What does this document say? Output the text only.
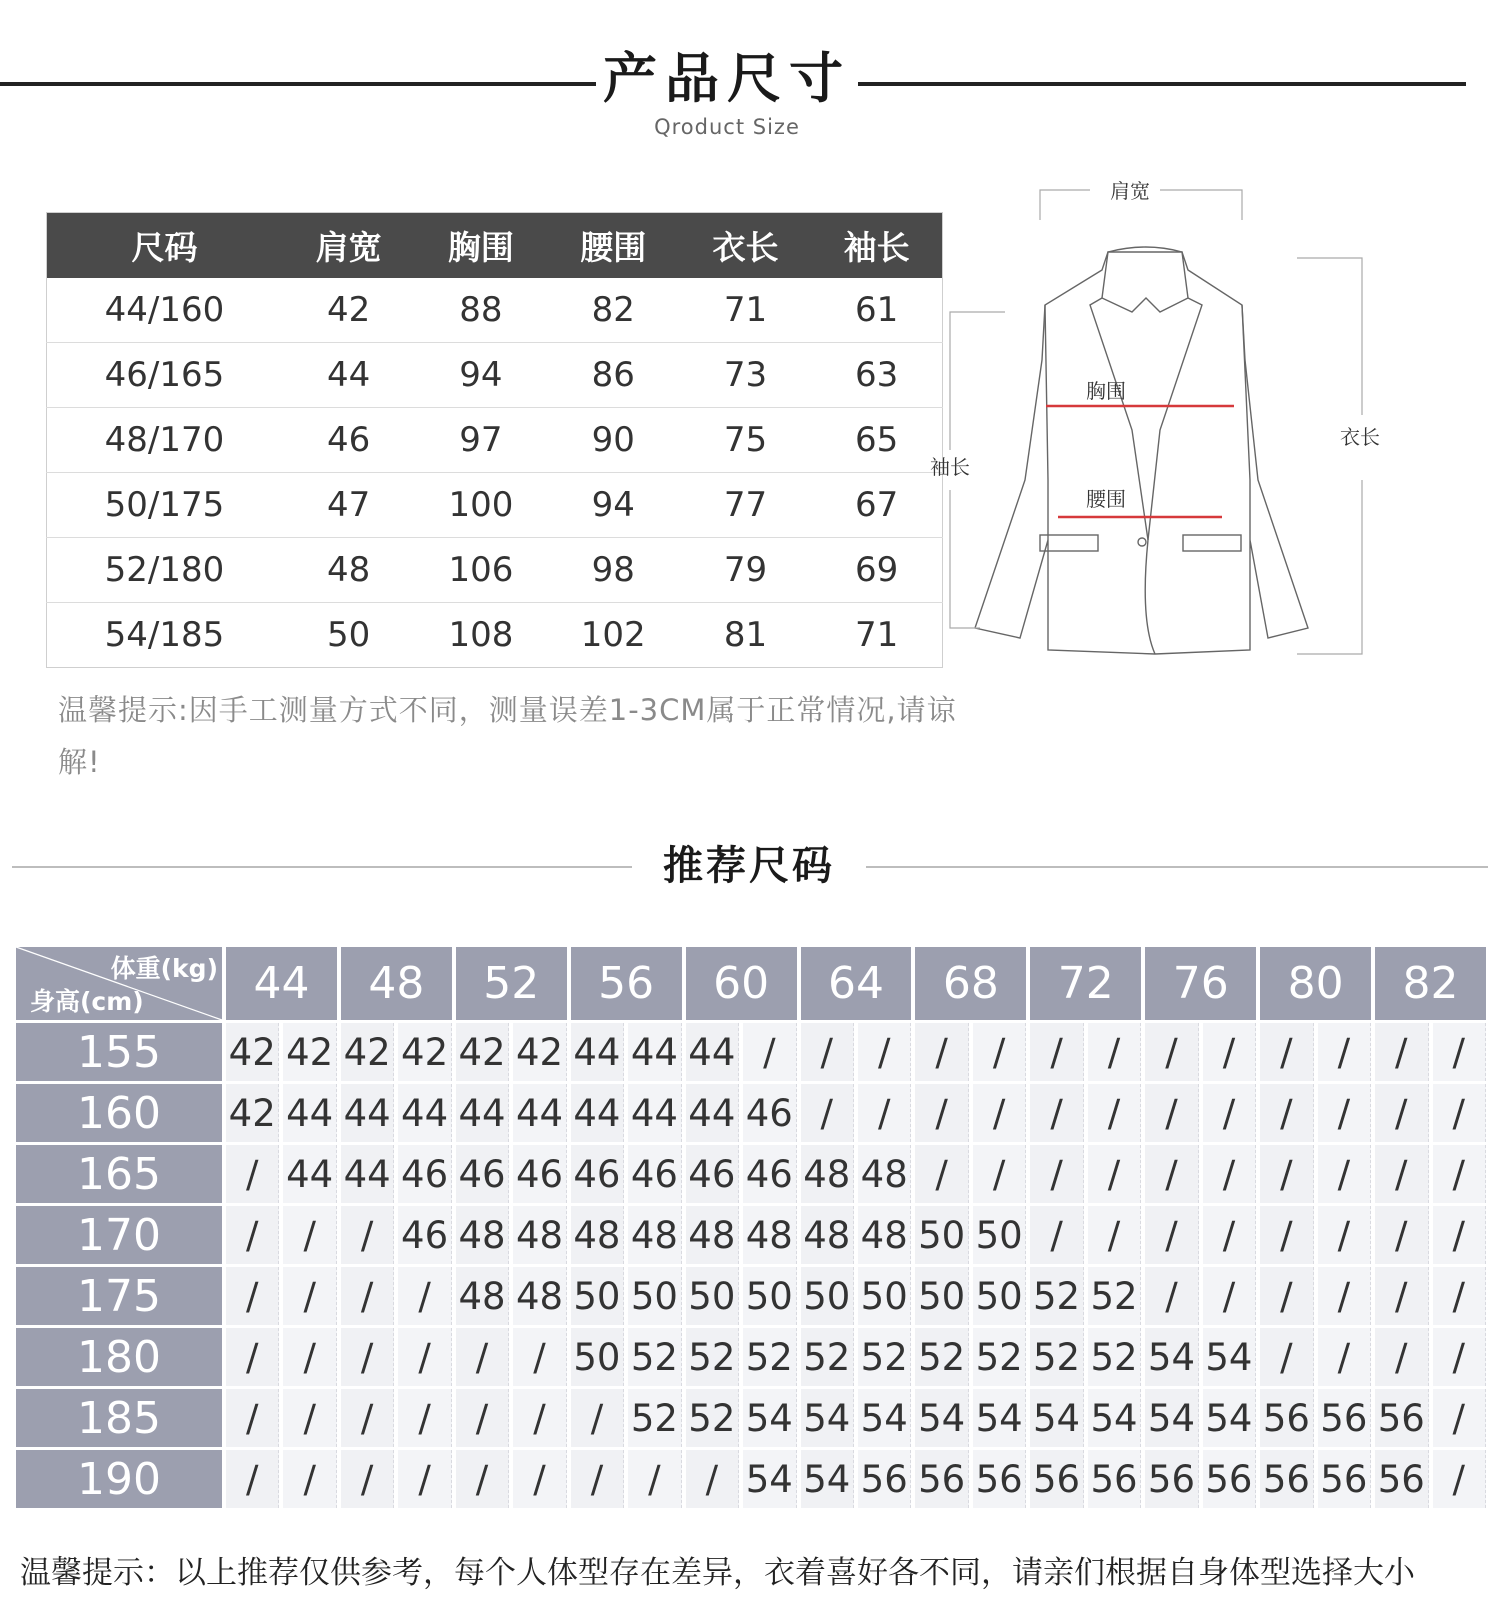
产品尺寸
Qroduct Size
尺码	肩宽	胸围	腰围	衣长	袖长
44/160	42	88	82	71	61
46/165	44	94	86	73	63
48/170	46	97	90	75	65
50/175	47	100	94	77	67
52/180	48	106	98	79	69
54/185	50	108	102	81	71
温馨提示:因手工测量方式不同，测量误差1-3CM属于正常情况,请谅解!
肩宽
胸围
腰围
衣长
袖长
推荐尺码
体重(kg)
身高(cm)	44		48		52		56		60		64		68		72		76		80		82	
155	42	42	42	42	42	42	44	44	44	/	/	/	/	/	/	/	/	/	/	/	/	/
160	42	44	44	44	44	44	44	44	44	46	/	/	/	/	/	/	/	/	/	/	/	/
165	/	44	44	46	46	46	46	46	46	46	48	48	/	/	/	/	/	/	/	/	/	/
170	/	/	/	46	48	48	48	48	48	48	48	48	50	50	/	/	/	/	/	/	/	/
175	/	/	/	/	48	48	50	50	50	50	50	50	50	50	52	52	/	/	/	/	/	/
180	/	/	/	/	/	/	50	52	52	52	52	52	52	52	52	52	54	54	/	/	/	/
185	/	/	/	/	/	/	/	52	52	54	54	54	54	54	54	54	54	54	56	56	56	/
190	/	/	/	/	/	/	/	/	/	54	54	56	56	56	56	56	56	56	56	56	56	/
温馨提示：以上推荐仅供参考，每个人体型存在差异，衣着喜好各不同，请亲们根据自身体型选择大小
